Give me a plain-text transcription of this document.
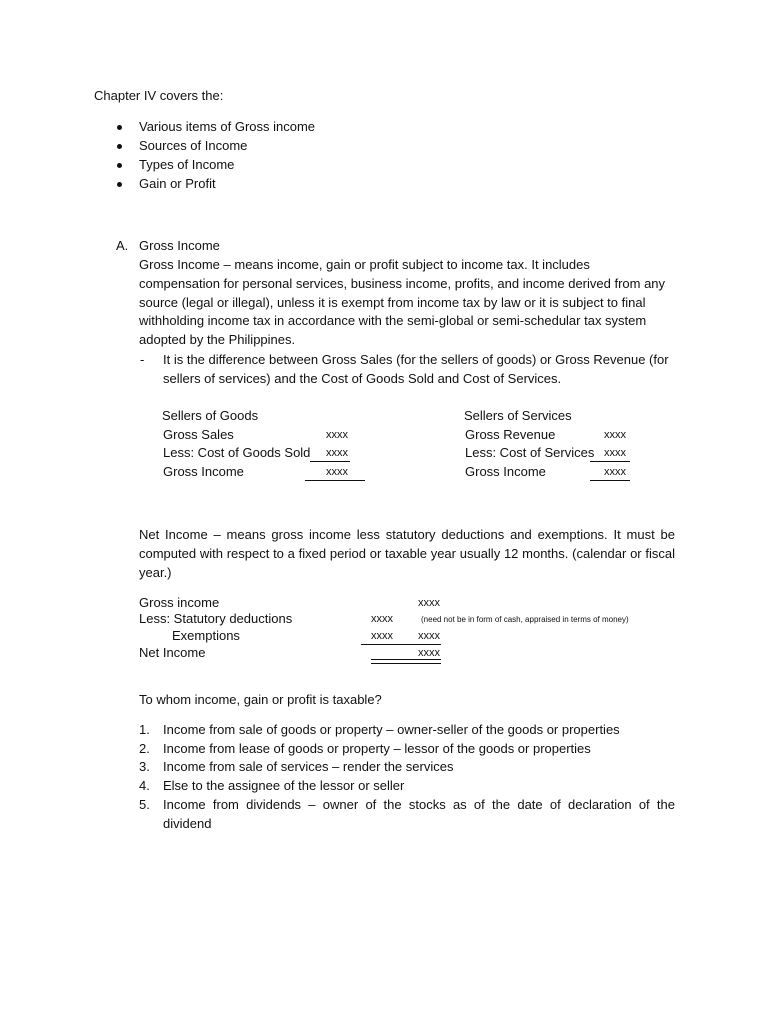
Chapter IV covers the:
Various items of Gross income
Sources of Income
Types of Income
Gain or Profit
A. Gross Income
Gross Income – means income, gain or profit subject to income tax. It includes
compensation for personal services, business income, profits, and income derived from any
source (legal or illegal), unless it is exempt from income tax by law or it is subject to final
withholding income tax in accordance with the semi-global or semi-schedular tax system
adopted by the Philippines.
- It is the difference between Gross Sales (for the sellers of goods) or Gross Revenue (for
sellers of services) and the Cost of Goods Sold and Cost of Services.
Sellers of Goods
Gross Sales	xxxx
Less: Cost of Goods Sold xxxx
Gross Income	xxxx
Sellers of Services
Gross Revenue	xxxx
Less: Cost of Services xxxx
Gross Income	xxxx
Net Income – means gross income less statutory deductions and exemptions. It must be computed with respect to a fixed period or taxable year usually 12 months. (calendar or fiscal year.)
Gross income	xxxx
Less: Statutory deductions	xxxx	(need not be in form of cash, appraised in terms of money)
Exemptions	xxxx xxxx
Net Income	xxxx
To whom income, gain or profit is taxable?
1. Income from sale of goods or property – owner-seller of the goods or properties
2. Income from lease of goods or property – lessor of the goods or properties
3. Income from sale of services – render the services
4. Else to the assignee of the lessor or seller
5. Income from dividends – owner of the stocks as of the date of declaration of the
dividend
